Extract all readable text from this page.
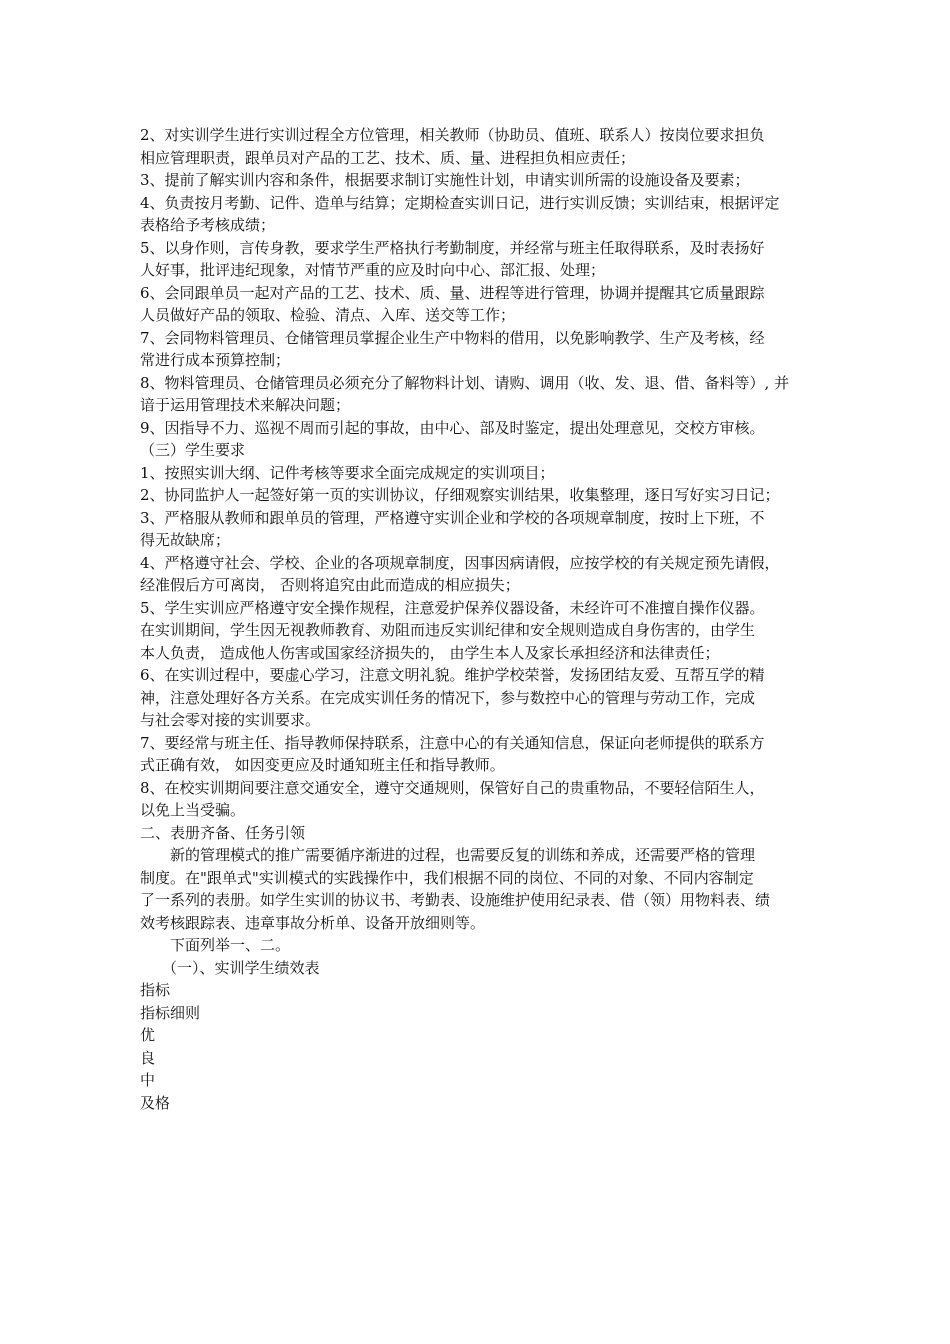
2、对实训学生进行实训过程全方位管理，相关教师（协助员、值班、联系人）按岗位要求担负
相应管理职责，跟单员对产品的工艺、技术、质、量、进程担负相应责任；
3、提前了解实训内容和条件，根据要求制订实施性计划，申请实训所需的设施设备及要素；
4、负责按月考勤、记件、造单与结算；定期检查实训日记，进行实训反馈；实训结束，根据评定
表格给予考核成绩；
5、以身作则，言传身教，要求学生严格执行考勤制度，并经常与班主任取得联系，及时表扬好
人好事，批评违纪现象，对情节严重的应及时向中心、部汇报、处理；
6、会同跟单员一起对产品的工艺、技术、质、量、进程等进行管理，协调并提醒其它质量跟踪
人员做好产品的领取、检验、清点、入库、送交等工作；
7、会同物料管理员、仓储管理员掌握企业生产中物料的借用，以免影响教学、生产及考核，经
常进行成本预算控制；
8、物料管理员、仓储管理员必须充分了解物料计划、请购、调用（收、发、退、借、备料等）, 并
谙于运用管理技术来解决问题；
9、因指导不力、巡视不周而引起的事故，由中心、部及时鉴定，提出处理意见，交校方审核。
（三）学生要求
1、按照实训大纲、记件考核等要求全面完成规定的实训项目；
2、协同监护人一起签好第一页的实训协议，仔细观察实训结果，收集整理，逐日写好实习日记；
3、严格服从教师和跟单员的管理，严格遵守实训企业和学校的各项规章制度，按时上下班，不
得无故缺席；
4、严格遵守社会、学校、企业的各项规章制度，因事因病请假，应按学校的有关规定预先请假，
经准假后方可离岗， 否则将追究由此而造成的相应损失；
5、学生实训应严格遵守安全操作规程，注意爱护保养仪器设备，未经许可不准擅自操作仪器。
在实训期间，学生因无视教师教育、劝阻而违反实训纪律和安全规则造成自身伤害的，由学生
本人负责， 造成他人伤害或国家经济损失的， 由学生本人及家长承担经济和法律责任；
6、在实训过程中，要虚心学习，注意文明礼貌。维护学校荣誉，发扬团结友爱、互帮互学的精
神，注意处理好各方关系。在完成实训任务的情况下，参与数控中心的管理与劳动工作，完成
与社会零对接的实训要求。
7、要经常与班主任、指导教师保持联系，注意中心的有关通知信息，保证向老师提供的联系方
式正确有效， 如因变更应及时通知班主任和指导教师。
8、在校实训期间要注意交通安全，遵守交通规则，保管好自己的贵重物品，不要轻信陌生人，
以免上当受骗。
二、表册齐备、任务引领
新的管理模式的推广需要循序渐进的过程，也需要反复的训练和养成，还需要严格的管理
制度。在"跟单式"实训模式的实践操作中，我们根据不同的岗位、不同的对象、不同内容制定
了一系列的表册。如学生实训的协议书、考勤表、设施维护使用纪录表、借（领）用物料表、绩
效考核跟踪表、违章事故分析单、设备开放细则等。
下面列举一、二。
（一）、实训学生绩效表
指标
指标细则
优
良
中
及格
